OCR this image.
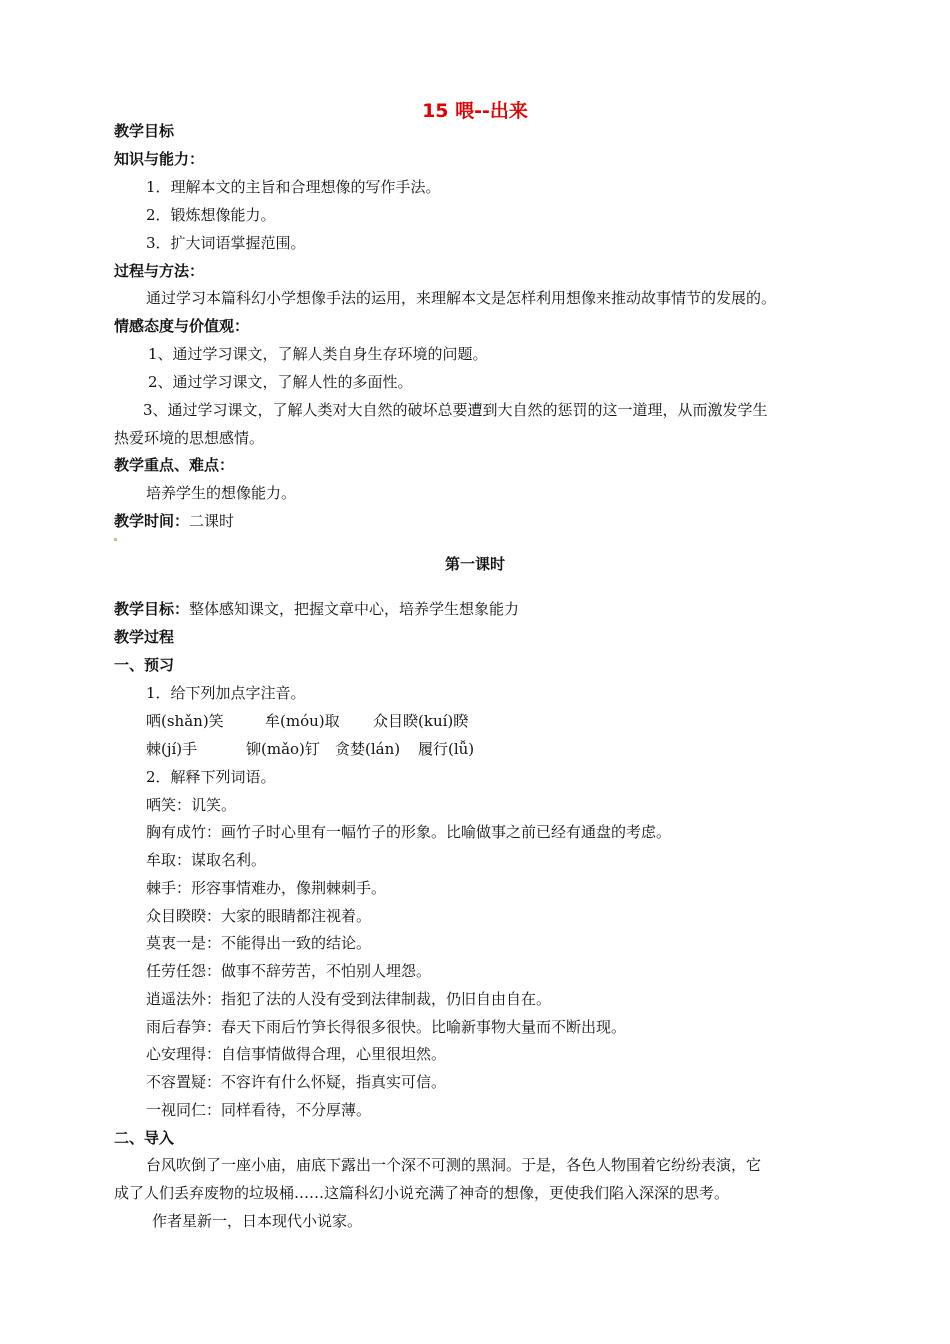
15 喂--出来
教学目标
知识与能力：
1．理解本文的主旨和合理想像的写作手法。
2．锻炼想像能力。
3．扩大词语掌握范围。
过程与方法：
通过学习本篇科幻小学想像手法的运用，来理解本文是怎样利用想像来推动故事情节的发展的。
情感态度与价值观：
1、通过学习课文，了解人类自身生存环境的问题。
2、通过学习课文，了解人性的多面性。
3、通过学习课文，了解人类对大自然的破坏总要遭到大自然的惩罚的这一道理，从而激发学生
热爱环境的思想感情。
教学重点、难点：
培养学生的想像能力。
教学时间：二课时
第一课时
教学目标：整体感知课文，把握文章中心，培养学生想象能力
教学过程
一、预习
1．给下列加点字注音。
哂(shǎn)笑	牟(móu)取 众目睽(kuí)睽
棘(jí)手	铆(mǎo)钉 贪婪(lán) 履行(lǚ)
2．解释下列词语。
哂笑：讥笑。
胸有成竹：画竹子时心里有一幅竹子的形象。比喻做事之前已经有通盘的考虑。
牟取：谋取名利。
棘手：形容事情难办，像荆棘刺手。
众目睽睽：大家的眼睛都注视着。
莫衷一是：不能得出一致的结论。
任劳任怨：做事不辞劳苦，不怕别人埋怨。
逍遥法外：指犯了法的人没有受到法律制裁，仍旧自由自在。
雨后春笋：春天下雨后竹笋长得很多很快。比喻新事物大量而不断出现。
心安理得：自信事情做得合理，心里很坦然。
不容置疑：不容许有什么怀疑，指真实可信。
一视同仁：同样看待，不分厚薄。
二、导入
台风吹倒了一座小庙，庙底下露出一个深不可测的黑洞。于是，各色人物围着它纷纷表演，它
成了人们丢弃废物的垃圾桶……这篇科幻小说充满了神奇的想像，更使我们陷入深深的思考。
作者星新一，日本现代小说家。
